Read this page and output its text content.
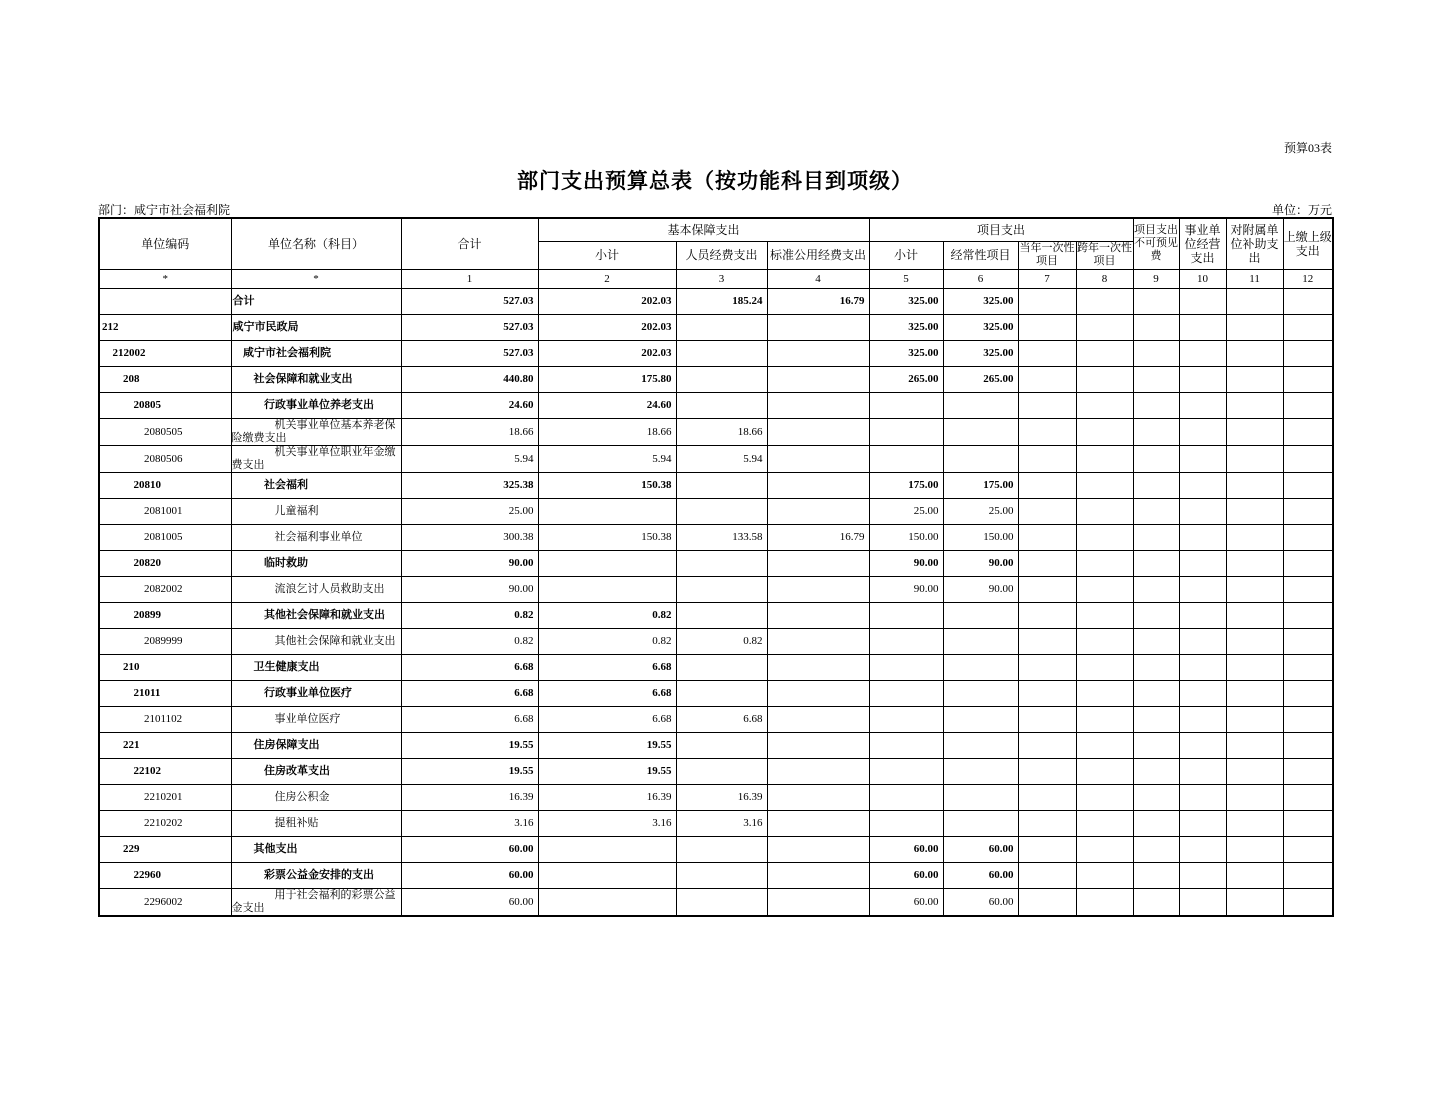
预算03表
部门支出预算总表（按功能科目到项级）
部门：咸宁市社会福利院	单位：万元
单位编码	单位名称（科目）	合计	基本保障支出			项目支出				项目支出不可预见费	事业单位经营支出	对附属单位补助支出	上缴上级支出
			小计	人员经费支出	标准公用经费支出	小计	经常性项目	当年一次性项目	跨年一次性项目				
*	*	1	2	3	4	5	6	7	8	9	10	11	12

	合计	527.03	202.03	185.24	16.79	325.00	325.00						
212	咸宁市民政局	527.03	202.03			325.00	325.00						
212002	咸宁市社会福利院	527.03	202.03			325.00	325.00						
208	社会保障和就业支出	440.80	175.80			265.00	265.00						
20805	行政事业单位养老支出	24.60	24.60										
2080505	机关事业单位基本养老保险缴费支出	18.66	18.66	18.66									
2080506	机关事业单位职业年金缴费支出	5.94	5.94	5.94									
20810	社会福利	325.38	150.38			175.00	175.00						
2081001	儿童福利	25.00				25.00	25.00						
2081005	社会福利事业单位	300.38	150.38	133.58	16.79	150.00	150.00						
20820	临时救助	90.00				90.00	90.00						
2082002	流浪乞讨人员救助支出	90.00				90.00	90.00						
20899	其他社会保障和就业支出	0.82	0.82										
2089999	其他社会保障和就业支出	0.82	0.82	0.82									
210	卫生健康支出	6.68	6.68										
21011	行政事业单位医疗	6.68	6.68										
2101102	事业单位医疗	6.68	6.68	6.68									
221	住房保障支出	19.55	19.55										
22102	住房改革支出	19.55	19.55										
2210201	住房公积金	16.39	16.39	16.39									
2210202	提租补贴	3.16	3.16	3.16									
229	其他支出	60.00				60.00	60.00						
22960	彩票公益金安排的支出	60.00				60.00	60.00						
2296002	用于社会福利的彩票公益金支出	60.00				60.00	60.00						
